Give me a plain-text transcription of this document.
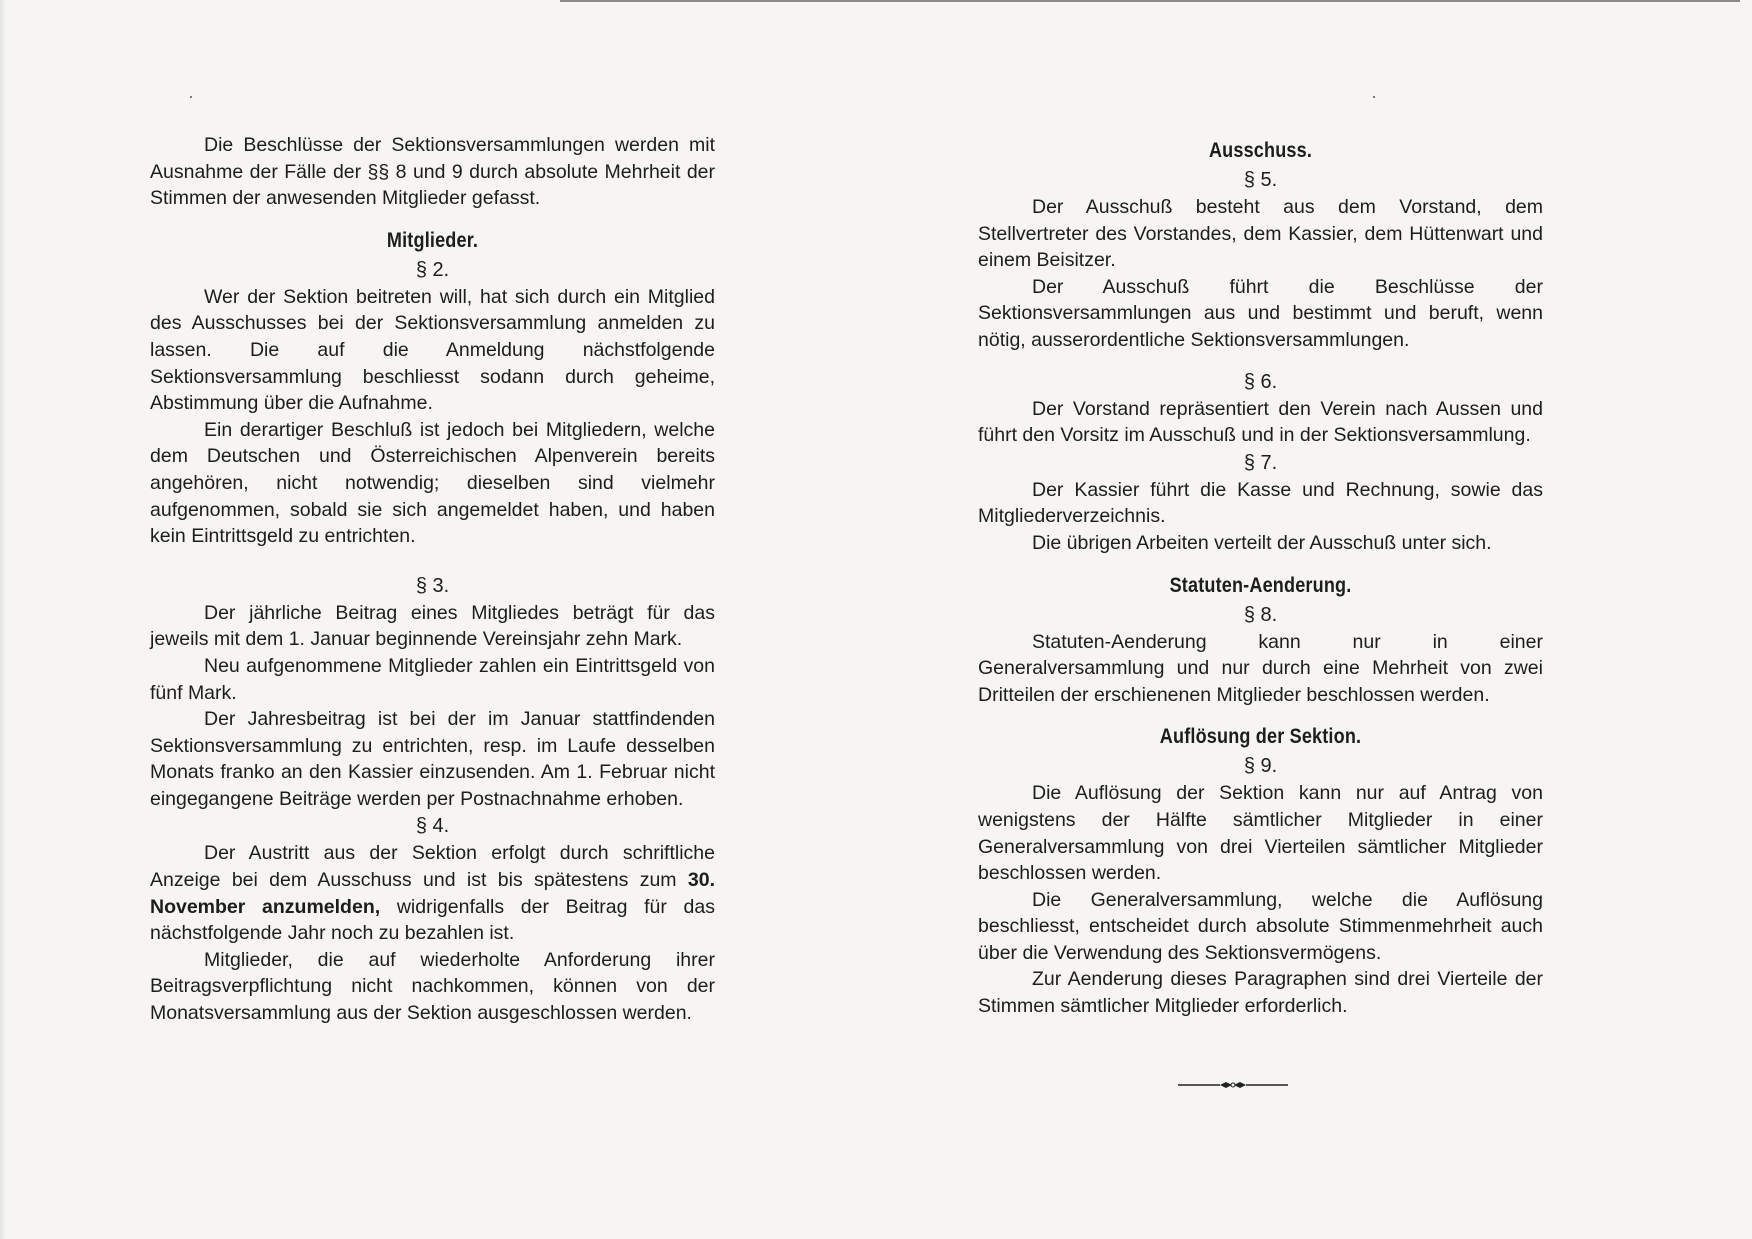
Die Beschlüsse der Sektionsversammlungen werden mit Ausnahme der Fälle der §§ 8 und 9 durch absolute Mehrheit der Stimmen der anwesenden Mitglieder gefasst.

Mitglieder.
§ 2.

Wer der Sektion beitreten will, hat sich durch ein Mitglied des Ausschusses bei der Sektionsversammlung anmelden zu lassen. Die auf die Anmeldung nächstfolgende Sektionsversammlung beschliesst sodann durch geheime, Abstimmung über die Aufnahme.

Ein derartiger Beschluß ist jedoch bei Mitgliedern, welche dem Deutschen und Österreichischen Alpenverein bereits angehören, nicht notwendig; dieselben sind vielmehr aufgenommen, sobald sie sich angemeldet haben, und haben kein Eintrittsgeld zu entrichten.

§ 3.

Der jährliche Beitrag eines Mitgliedes beträgt für das jeweils mit dem 1. Januar beginnende Vereinsjahr zehn Mark.

Neu aufgenommene Mitglieder zahlen ein Eintrittsgeld von fünf Mark.

Der Jahresbeitrag ist bei der im Januar stattfindenden Sektionsversammlung zu entrichten, resp. im Laufe desselben Monats franko an den Kassier einzusenden. Am 1. Februar nicht eingegangene Beiträge werden per Postnachnahme erhoben.

§ 4.

Der Austritt aus der Sektion erfolgt durch schriftliche Anzeige bei dem Ausschuss und ist bis spätestens zum 30. November anzumelden, widrigenfalls der Beitrag für das nächstfolgende Jahr noch zu bezahlen ist.

Mitglieder, die auf wiederholte Anforderung ihrer Beitragsverpflichtung nicht nachkommen, können von der Monatsversammlung aus der Sektion ausgeschlossen werden.

Ausschuss.
§ 5.

Der Ausschuß besteht aus dem Vorstand, dem Stellvertreter des Vorstandes, dem Kassier, dem Hüttenwart und einem Beisitzer.

Der Ausschuß führt die Beschlüsse der Sektionsversammlungen aus und bestimmt und beruft, wenn nötig, ausserordentliche Sektionsversammlungen.

§ 6.

Der Vorstand repräsentiert den Verein nach Aussen und führt den Vorsitz im Ausschuß und in der Sektionsversammlung.

§ 7.

Der Kassier führt die Kasse und Rechnung, sowie das Mitgliederverzeichnis.

Die übrigen Arbeiten verteilt der Ausschuß unter sich.

Statuten-Aenderung.
§ 8.

Statuten-Aenderung kann nur in einer Generalversammlung und nur durch eine Mehrheit von zwei Dritteilen der erschienenen Mitglieder beschlossen werden.

Auflösung der Sektion.
§ 9.

Die Auflösung der Sektion kann nur auf Antrag von wenigstens der Hälfte sämtlicher Mitglieder in einer Generalversammlung von drei Vierteilen sämtlicher Mitglieder beschlossen werden.

Die Generalversammlung, welche die Auflösung beschliesst, entscheidet durch absolute Stimmenmehrheit auch über die Verwendung des Sektionsvermögens.

Zur Aenderung dieses Paragraphen sind drei Vierteile der Stimmen sämtlicher Mitglieder erforderlich.
